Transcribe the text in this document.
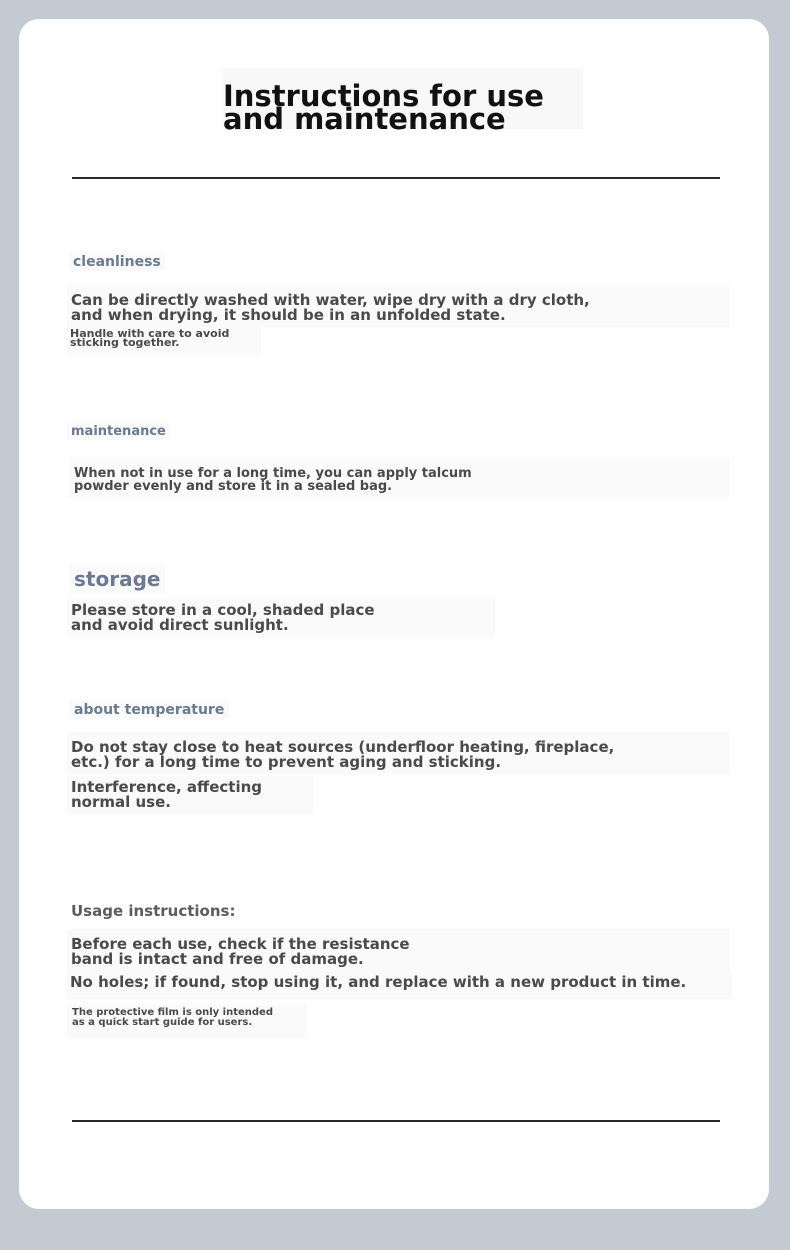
Instructions for use
and maintenance
cleanliness

Can be directly washed with water, wipe dry with a dry cloth,
and when drying, it should be in an unfolded state.

Handle with care to avoid
sticking together.

maintenance

When not in use for a long time, you can apply talcum
powder evenly and store it in a sealed bag.

storage

Please store in a cool, shaded place
and avoid direct sunlight.

about temperature

Do not stay close to heat sources (underfloor heating, fireplace,
etc.) for a long time to prevent aging and sticking.

Interference, affecting
normal use.

Usage instructions:

Before each use, check if the resistance
band is intact and free of damage.

No holes; if found, stop using it, and replace with a new product in time.

The protective film is only intended
as a quick start guide for users.
